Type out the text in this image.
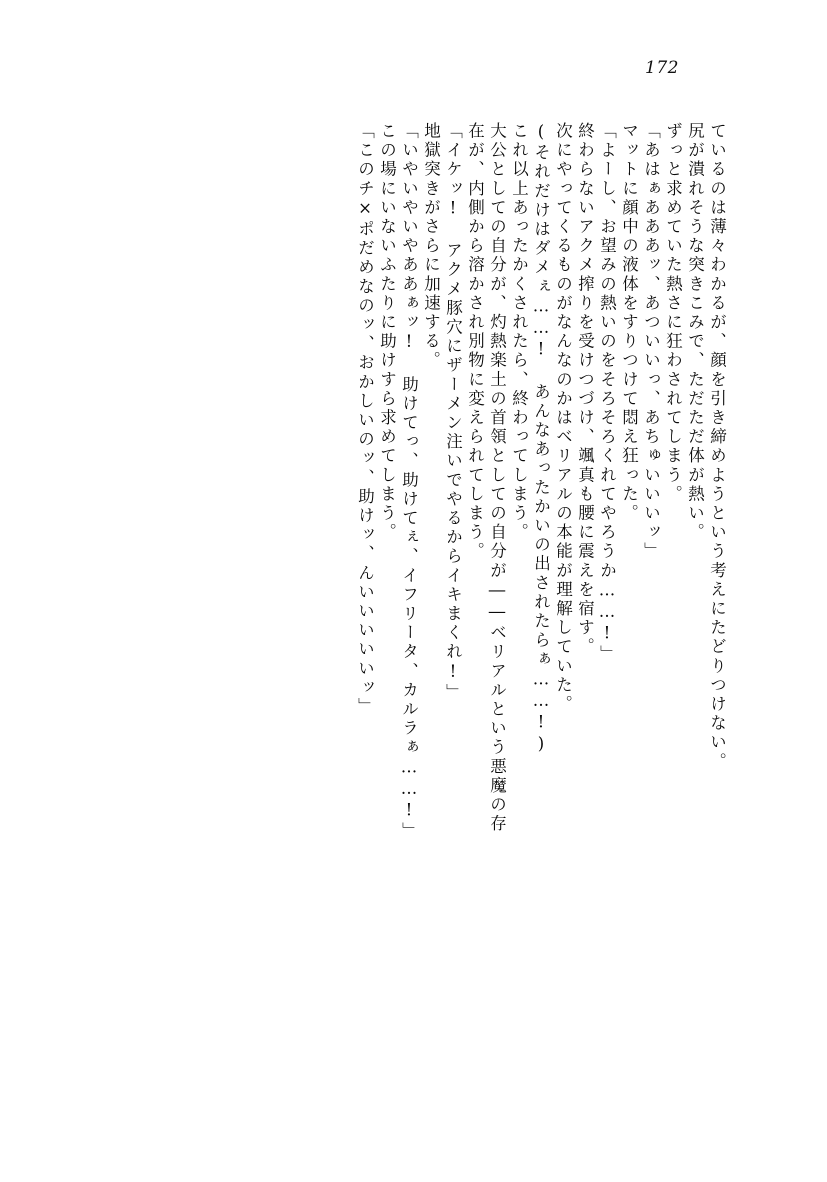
172
ているのは薄々わかるが、顔を引き締めようという考えにたどりつけない。
尻が潰れそうな突きこみで、ただただ体が熱い。
ずっと求めていた熱さに狂わされてしまう。
「あはぁあああッ、あついいっ、あちゅいいいッ」
マットに顔中の液体をすりつけて悶え狂った。
「よーし、お望みの熱いのをそろそろくれてやろうか……!」
終わらないアクメ搾りを受けつづけ、颯真も腰に震えを宿す。
次にやってくるものがなんなのかはベリアルの本能が理解していた。
(それだけはダメぇ……! あんなあったかいの出されたらぁ……!)
これ以上あったかくされたら、終わってしまう。
大公としての自分が、灼熱楽土の首領としての自分が――ベリアルという悪魔の存
在が、内側から溶かされ別物に変えられてしまう。
「イケッ! アクメ豚穴にザーメン注いでやるからイキまくれ!」
地獄突きがさらに加速する。
「いやいやいやああぁッ! 助けてっ、助けてぇ、イフリータ、カルラぁ……!」
この場にいないふたりに助けすら求めてしまう。
「このチ×ポだめなのッ、おかしいのッ、助けッ、んいいいいいッ」
